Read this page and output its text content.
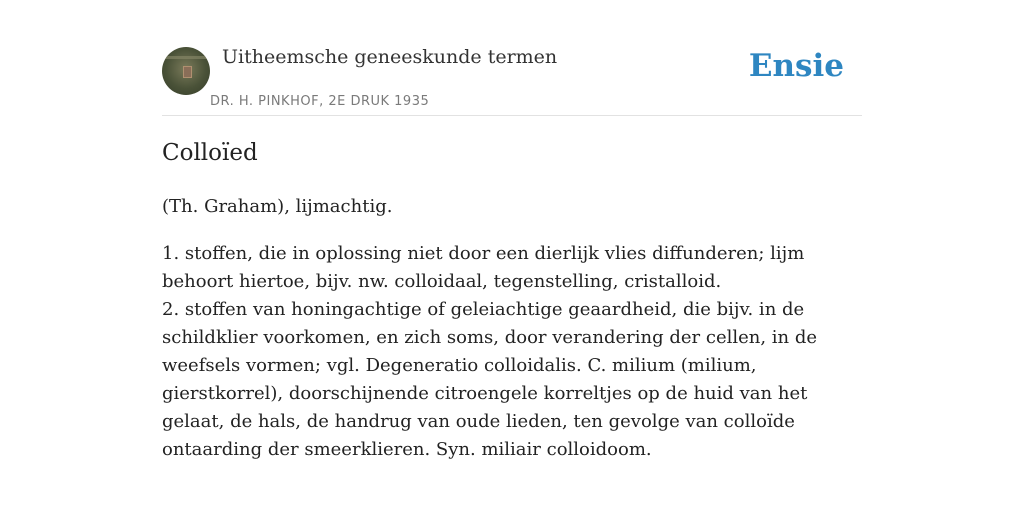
Uitheemsche geneeskunde termen
DR. H. PINKHOF, 2E DRUK 1935
Ensie
Colloïed

(Th. Graham), lijmachtig.

1. stoffen, die in oplossing niet door een dierlijk vlies diffunderen; lijm behoort hiertoe, bijv. nw. colloidaal, tegenstelling, cristalloid.

2. stoffen van honingachtige of geleiachtige geaardheid, die bijv. in de schildklier voorkomen, en zich soms, door verandering der cellen, in de weefsels vormen; vgl. Degeneratio colloidalis. C. milium (milium, gierstkorrel), doorschijnende citroengele korreltjes op de huid van het gelaat, de hals, de handrug van oude lieden, ten gevolge van colloïde ontaarding der smeerklieren. Syn. miliair colloidoom.
